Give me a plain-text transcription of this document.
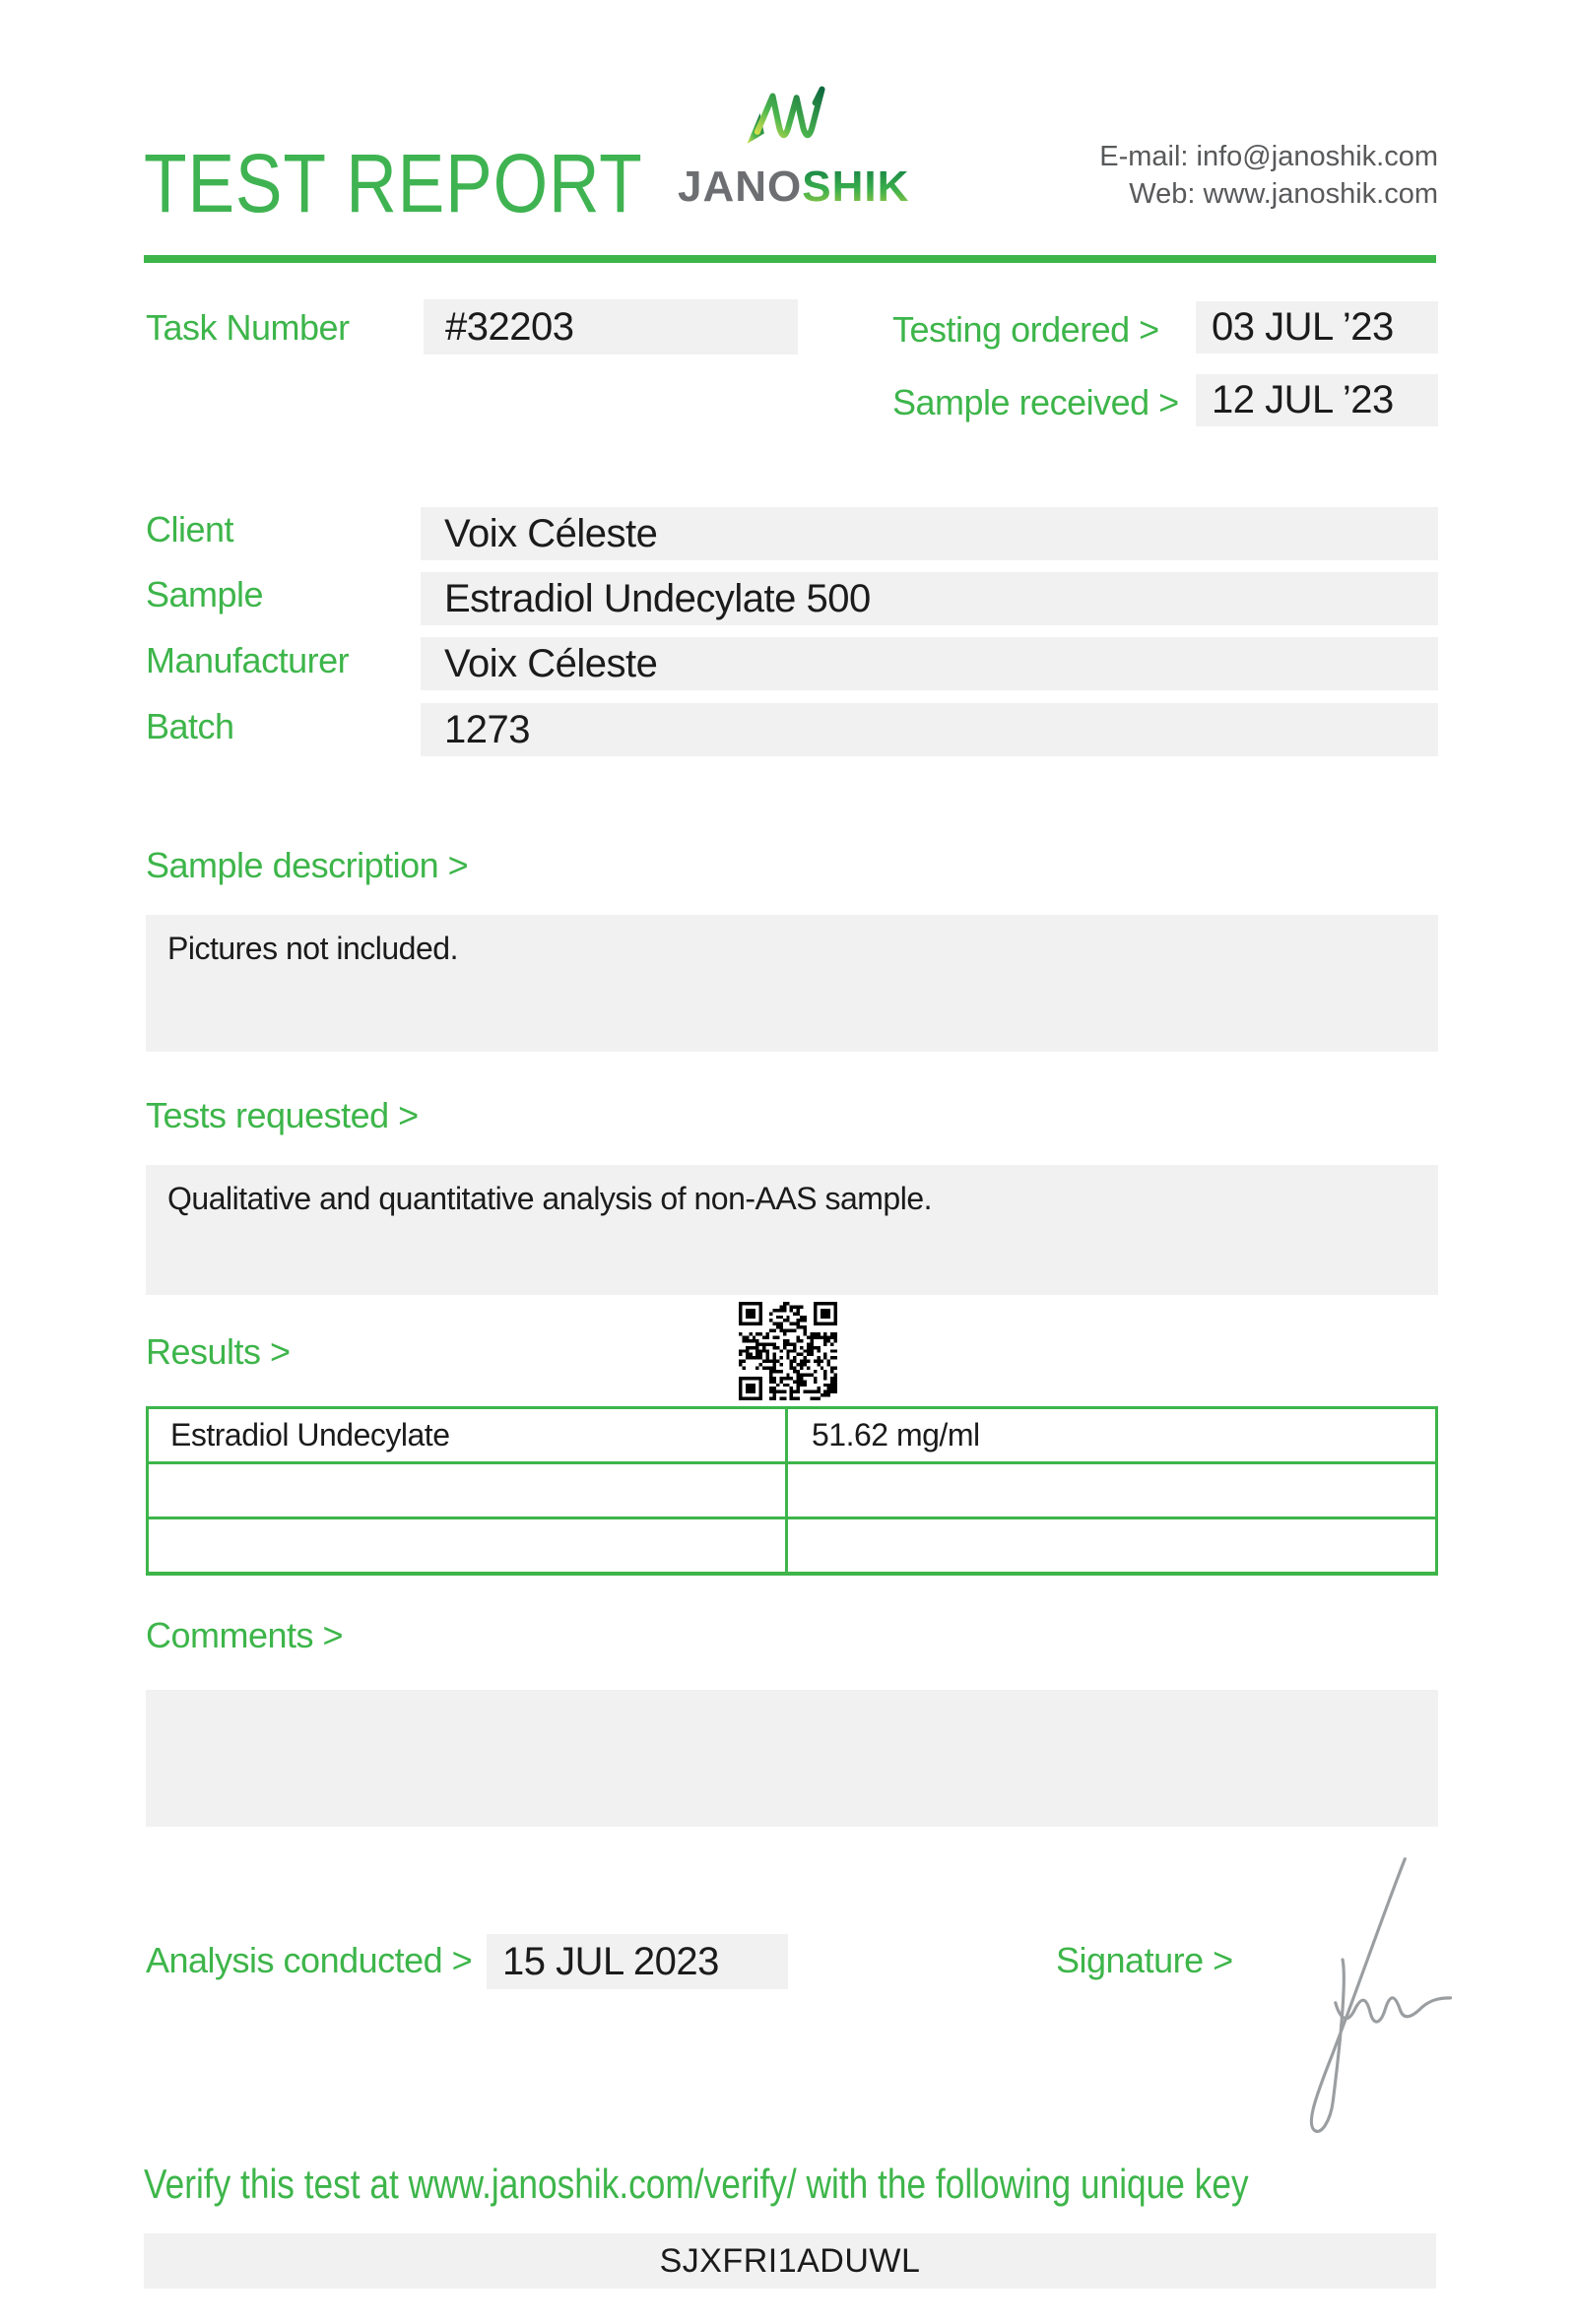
TEST REPORT JANOSHIK
E-mail: info@janoshik.com
Web: www.janoshik.com
Task Number	#32203	Testing ordered >	03 JUL ’23
Sample received > 12 JUL ’23
Client	Voix Céleste
Sample	Estradiol Undecylate 500
Manufacturer	Voix Céleste
Batch	1273
Sample description >
Pictures not included.
Tests requested >
Qualitative and quantitative analysis of non-AAS sample.
Results >
Estradiol Undecylate	51.62 mg/ml
Comments >
Analysis conducted > 15 JUL 2023	Signature >
Verify this test at www.janoshik.com/verify/ with the following unique key
SJXFRI1ADUWL
